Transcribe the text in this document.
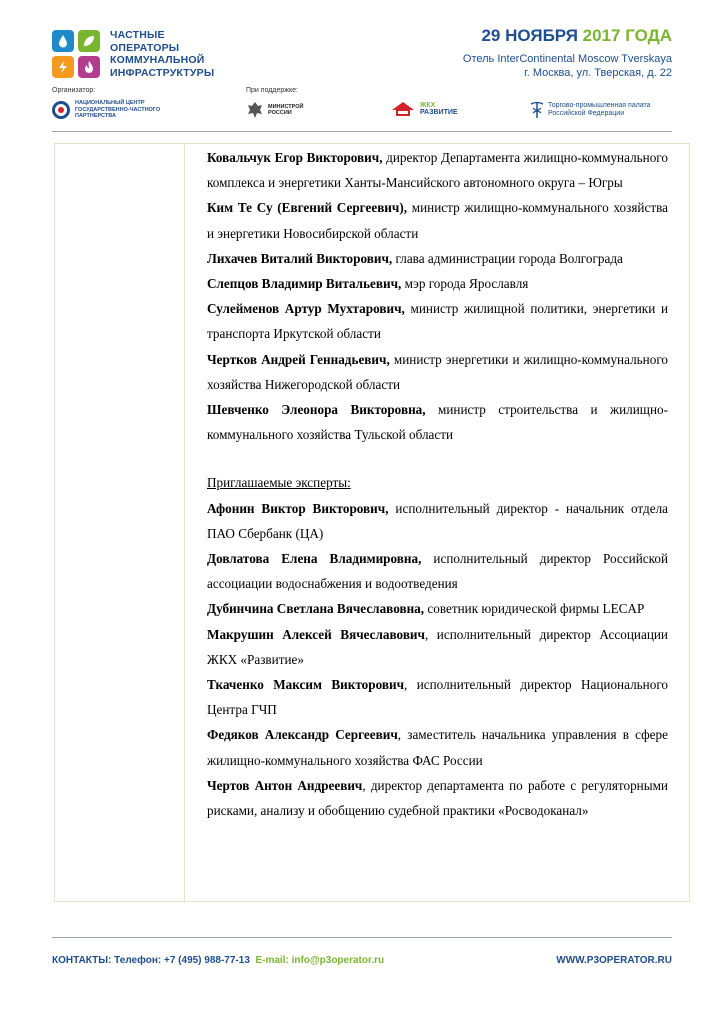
ЧАСТНЫЕ
ОПЕРАТОРЫ
КОММУНАЛЬНОЙ
ИНФРАСТРУКТУРЫ
29 НОЯБРЯ 2017 ГОДА
Отель InterContinental Moscow Tverskaya
г. Москва, ул. Тверская, д. 22
Организатор:	При поддержке:
НАЦИОНАЛЬНЫЙ ЦЕНТР
ГОСУДАРСТВЕННО-ЧАСТНОГО
ПАРТНЕРСТВА
МИНИСТРОЙ
РОССИИ
ЖКХ
РАЗВИТИЕ
Торгово-промышленная палата
Российской Федерации

Ковальчук Егор Викторович, директор Департамента жилищно-коммунального комплекса и энергетики Ханты-Мансийского автономного округа – Югры

Ким Те Су (Евгений Сергеевич), министр жилищно-коммунального хозяйства и энергетики Новосибирской области

Лихачев Виталий Викторович, глава администрации города Волгограда

Слепцов Владимир Витальевич, мэр города Ярославля

Сулейменов Артур Мухтарович, министр жилищной политики, энергетики и транспорта Иркутской области

Чертков Андрей Геннадьевич, министр энергетики и жилищно-коммунального хозяйства Нижегородской области

Шевченко Элеонора Викторовна, министр строительства и жилищно-коммунального хозяйства Тульской области

Приглашаемые эксперты:

Афонин Виктор Викторович, исполнительный директор - начальник отдела ПАО Сбербанк (ЦА)

Довлатова Елена Владимировна, исполнительный директор Российской ассоциации водоснабжения и водоотведения

Дубинчина Светлана Вячеславовна, советник юридической фирмы LECAP

Макрушин Алексей Вячеславович, исполнительный директор Ассоциации ЖКХ «Развитие»

Ткаченко Максим Викторович, исполнительный директор Национального Центра ГЧП

Федяков Александр Сергеевич, заместитель начальника управления в сфере жилищно-коммунального хозяйства ФАС России

Чертов Антон Андреевич, директор департамента по работе с регуляторными рисками, анализу и обобщению судебной практики «Росводоканал»

КОНТАКТЫ: Телефон: +7 (495) 988-77-13 E-mail: info@p3operator.ru	WWW.P3OPERATOR.RU
